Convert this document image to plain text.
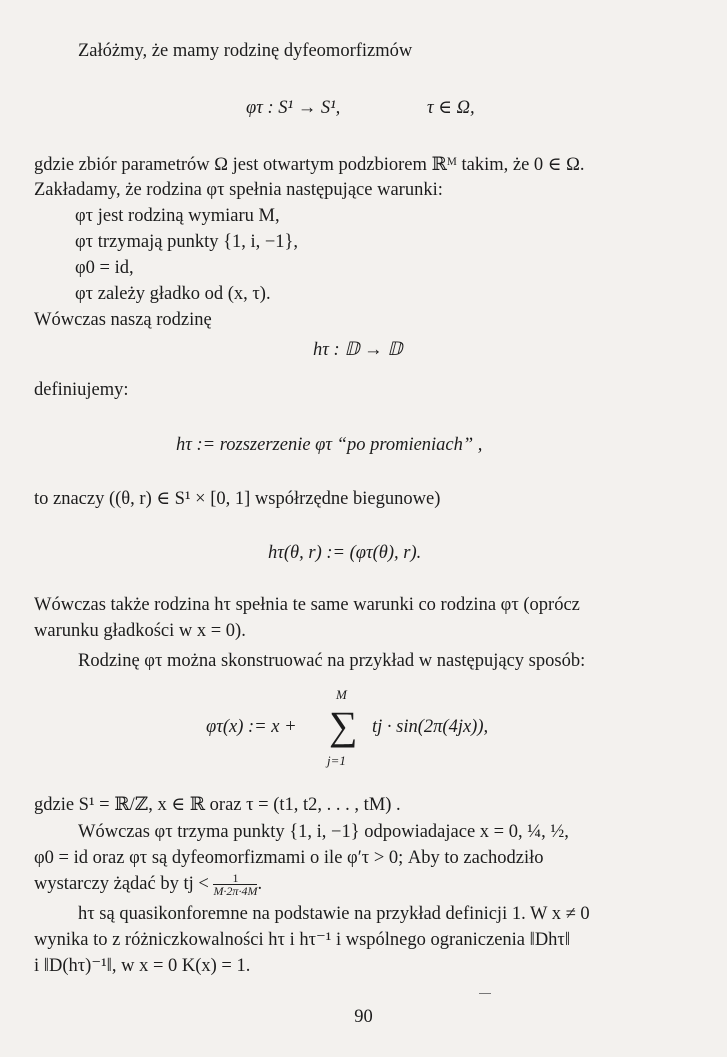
Załóżmy, że mamy rodzinę dyfeomorfizmów
φτ : S¹ → S¹,	τ ∈ Ω,
gdzie zbiór parametrów Ω jest otwartym podzbiorem ℝᴹ takim, że 0 ∈ Ω.
Zakładamy, że rodzina φτ spełnia następujące warunki:
φτ jest rodziną wymiaru M,
φτ trzymają punkty {1, i, −1},
φ0 = id,
φτ zależy gładko od (x, τ).
Wówczas naszą rodzinę
hτ : 𝔻 → 𝔻
definiujemy:
hτ := rozszerzenie φτ “po promieniach” ,
to znaczy ((θ, r) ∈ S¹ × [0, 1] współrzędne biegunowe)
hτ(θ, r) := (φτ(θ), r).
Wówczas także rodzina hτ spełnia te same warunki co rodzina φτ (oprócz
warunku gładkości w x = 0).
Rodzinę φτ można skonstruować na przykład w następujący sposób:
φτ(x) := x +
M
∑
j=1
tj · sin(2π(4jx)),
gdzie S¹ = ℝ/ℤ, x ∈ ℝ oraz τ = (t1, t2, . . . , tM) .
Wówczas φτ trzyma punkty {1, i, −1} odpowiadajace x = 0, ¼, ½,
φ0 = id oraz φτ są dyfeomorfizmami o ile φ′τ > 0; Aby to zachodziło
wystarczy żądać by tj < $\frac{1}{M\cdot 2\pi\cdot 4M}$ .
hτ są quasikonforemne na podstawie na przykład definicji 1. W x ≠ 0
wynika to z różniczkowalności hτ i hτ⁻¹ i wspólnego ograniczenia ‖Dhτ‖
i ‖D(hτ)⁻¹‖, w x = 0 K(x) = 1.
90
